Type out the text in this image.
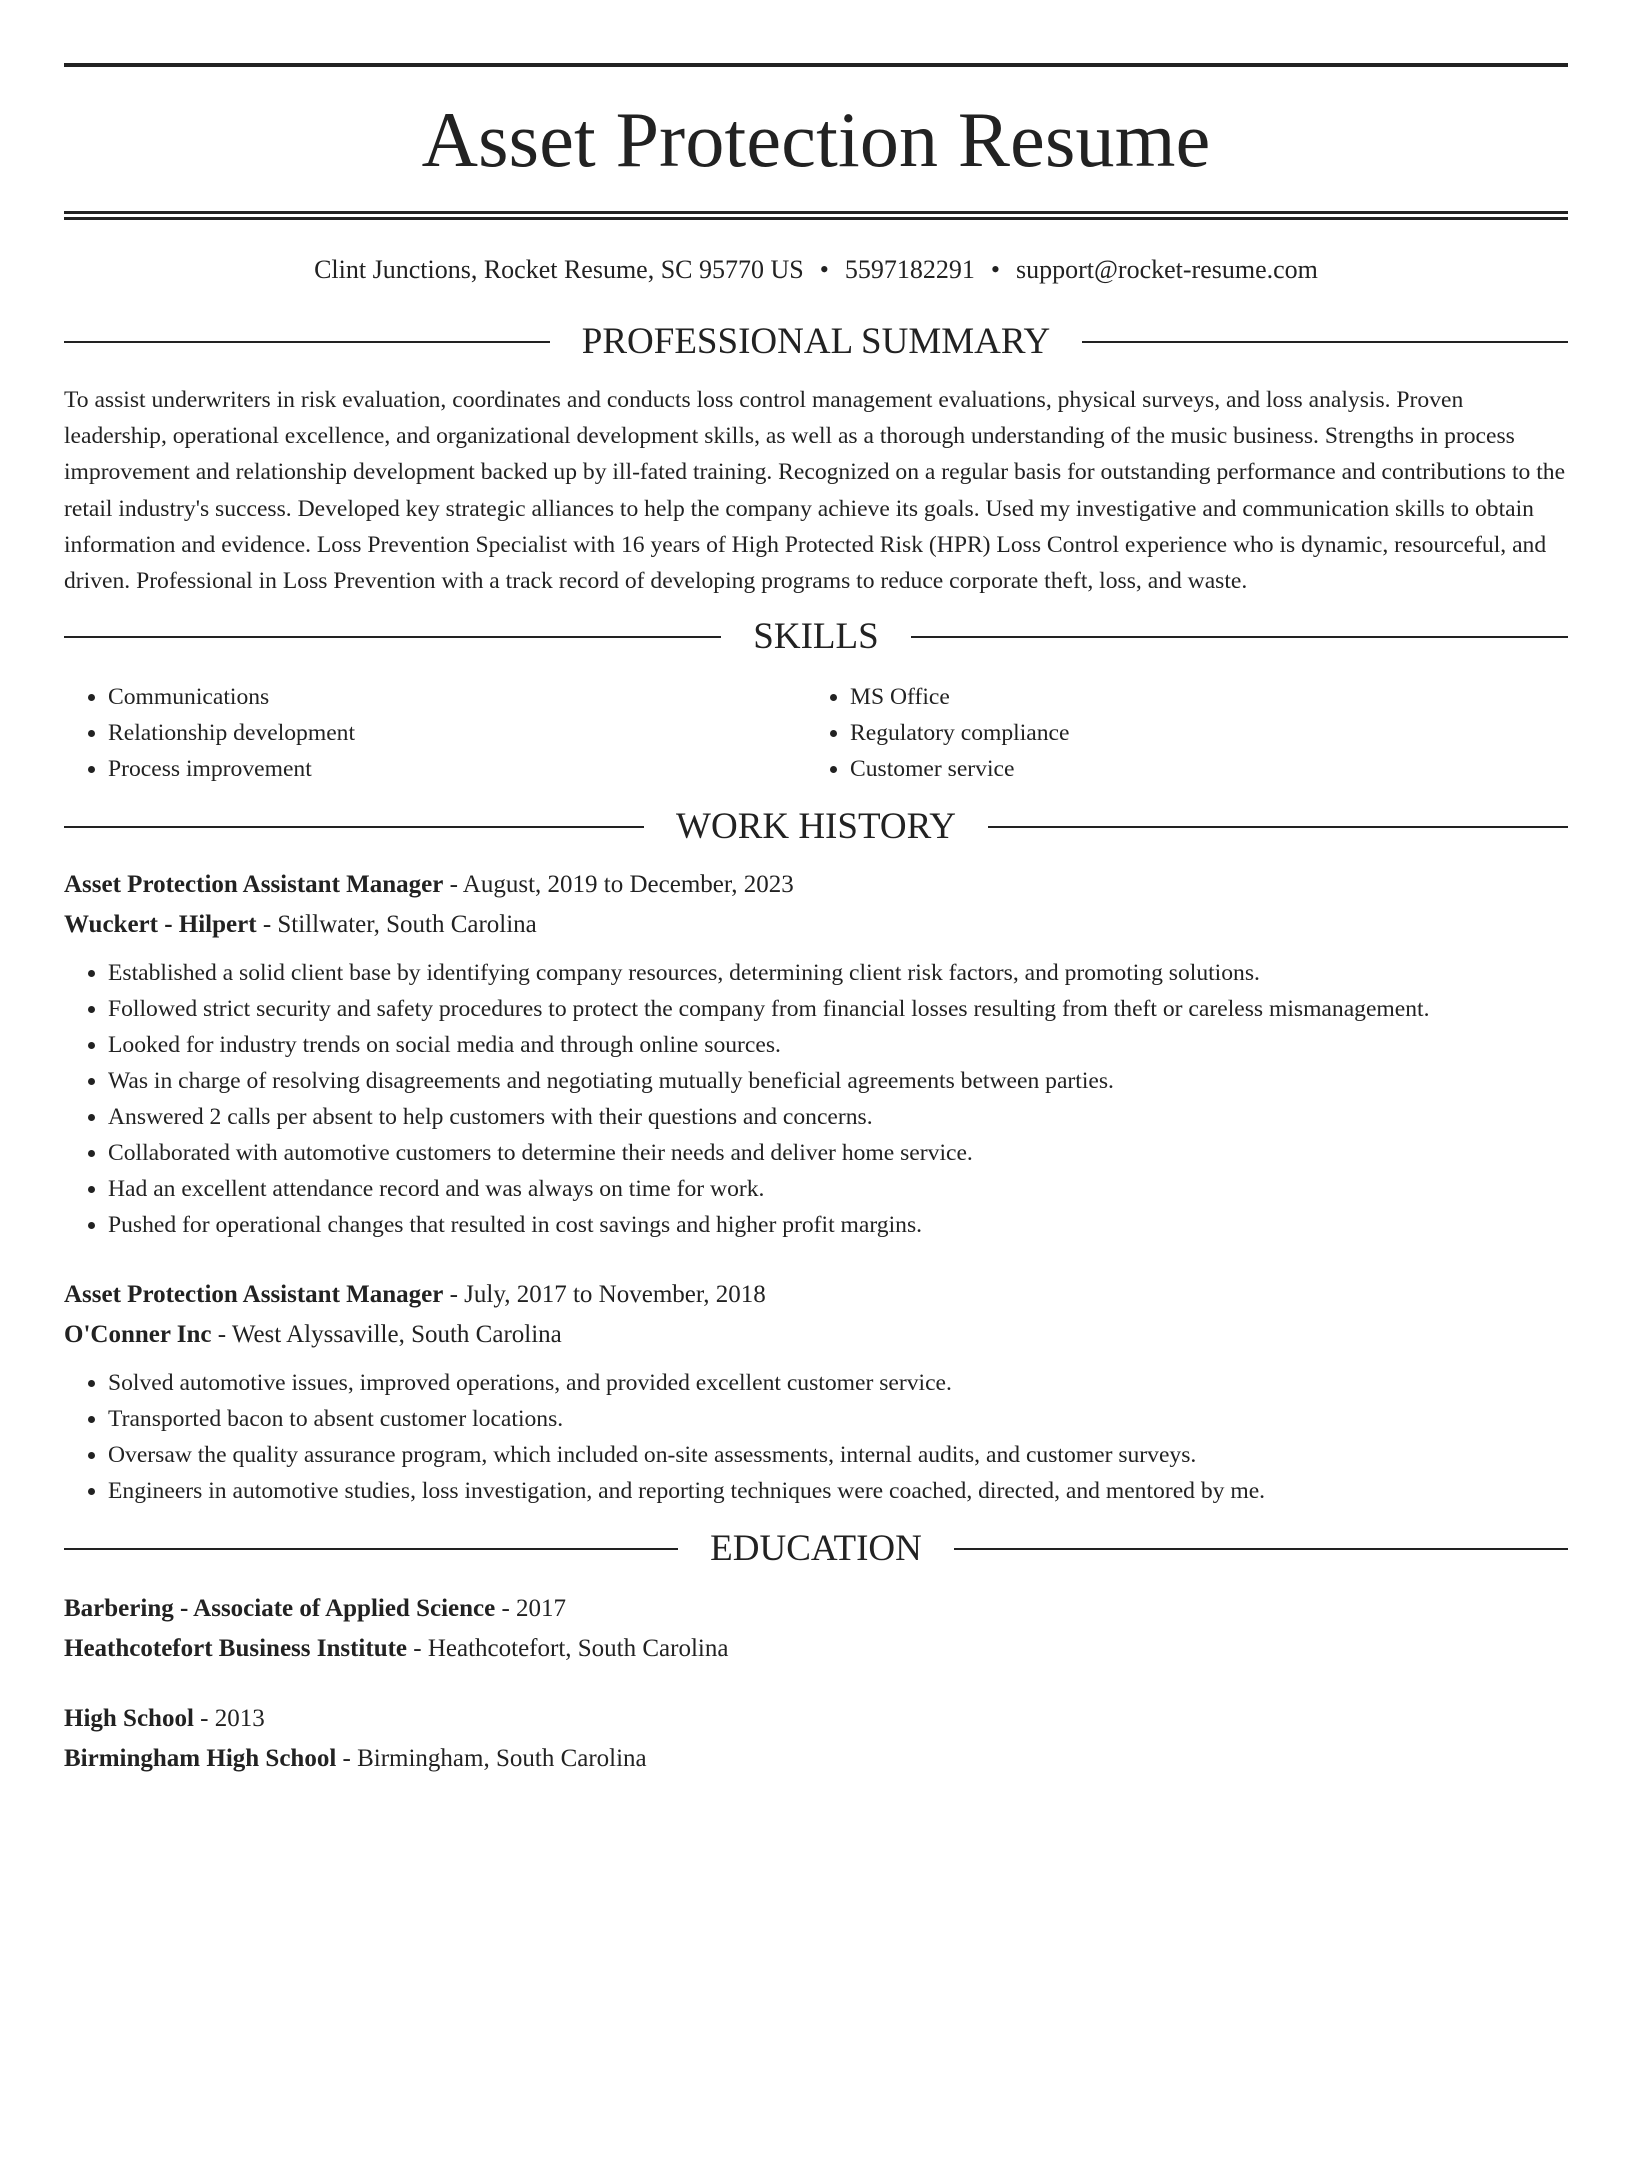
Asset Protection Resume
Clint Junctions, Rocket Resume, SC 95770 US • 5597182291 • support@rocket-resume.com
PROFESSIONAL SUMMARY

To assist underwriters in risk evaluation, coordinates and conducts loss control management evaluations, physical surveys, and loss analysis. Proven leadership, operational excellence, and organizational development skills, as well as a thorough understanding of the music business. Strengths in process improvement and relationship development backed up by ill-fated training. Recognized on a regular basis for outstanding performance and contributions to the retail industry's success. Developed key strategic alliances to help the company achieve its goals. Used my investigative and communication skills to obtain information and evidence. Loss Prevention Specialist with 16 years of High Protected Risk (HPR) Loss Control experience who is dynamic, resourceful, and driven. Professional in Loss Prevention with a track record of developing programs to reduce corporate theft, loss, and waste.

SKILLS
• Communications
• Relationship development
• Process improvement
• MS Office
• Regulatory compliance
• Customer service
WORK HISTORY
Asset Protection Assistant Manager - August, 2019 to December, 2023
Wuckert - Hilpert - Stillwater, South Carolina
• Established a solid client base by identifying company resources, determining client risk factors, and promoting solutions.
• Followed strict security and safety procedures to protect the company from financial losses resulting from theft or careless mismanagement.
• Looked for industry trends on social media and through online sources.
• Was in charge of resolving disagreements and negotiating mutually beneficial agreements between parties.
• Answered 2 calls per absent to help customers with their questions and concerns.
• Collaborated with automotive customers to determine their needs and deliver home service.
• Had an excellent attendance record and was always on time for work.
• Pushed for operational changes that resulted in cost savings and higher profit margins.
Asset Protection Assistant Manager - July, 2017 to November, 2018
O'Conner Inc - West Alyssaville, South Carolina
• Solved automotive issues, improved operations, and provided excellent customer service.
• Transported bacon to absent customer locations.
• Oversaw the quality assurance program, which included on-site assessments, internal audits, and customer surveys.
• Engineers in automotive studies, loss investigation, and reporting techniques were coached, directed, and mentored by me.
EDUCATION
Barbering - Associate of Applied Science - 2017
Heathcotefort Business Institute - Heathcotefort, South Carolina
High School - 2013
Birmingham High School - Birmingham, South Carolina
